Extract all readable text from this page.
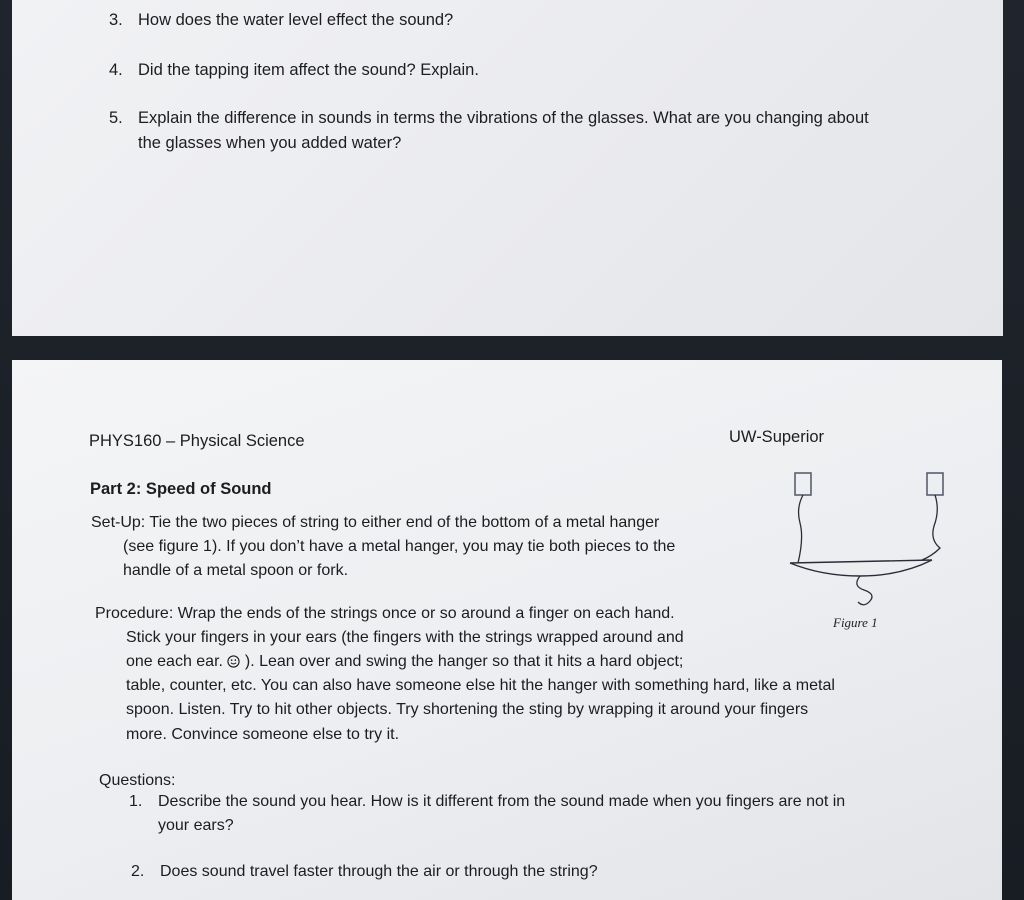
3. How does the water level effect the sound?
4. Did the tapping item affect the sound? Explain.
5. Explain the difference in sounds in terms the vibrations of the glasses. What are you changing about
the glasses when you added water?
PHYS160 – Physical Science	UW-Superior
Part 2: Speed of Sound
Set-Up: Tie the two pieces of string to either end of the bottom of a metal hanger
(see figure 1). If you don’t have a metal hanger, you may tie both pieces to the
handle of a metal spoon or fork.
Procedure: Wrap the ends of the strings once or so around a finger on each hand.
Stick your fingers in your ears (the fingers with the strings wrapped around and
one each ear. ). Lean over and swing the hanger so that it hits a hard object;
table, counter, etc. You can also have someone else hit the hanger with something hard, like a metal
spoon. Listen. Try to hit other objects. Try shortening the sting by wrapping it around your fingers
more. Convince someone else to try it.
Figure 1
Questions:
1. Describe the sound you hear. How is it different from the sound made when you fingers are not in
your ears?
2. Does sound travel faster through the air or through the string?
